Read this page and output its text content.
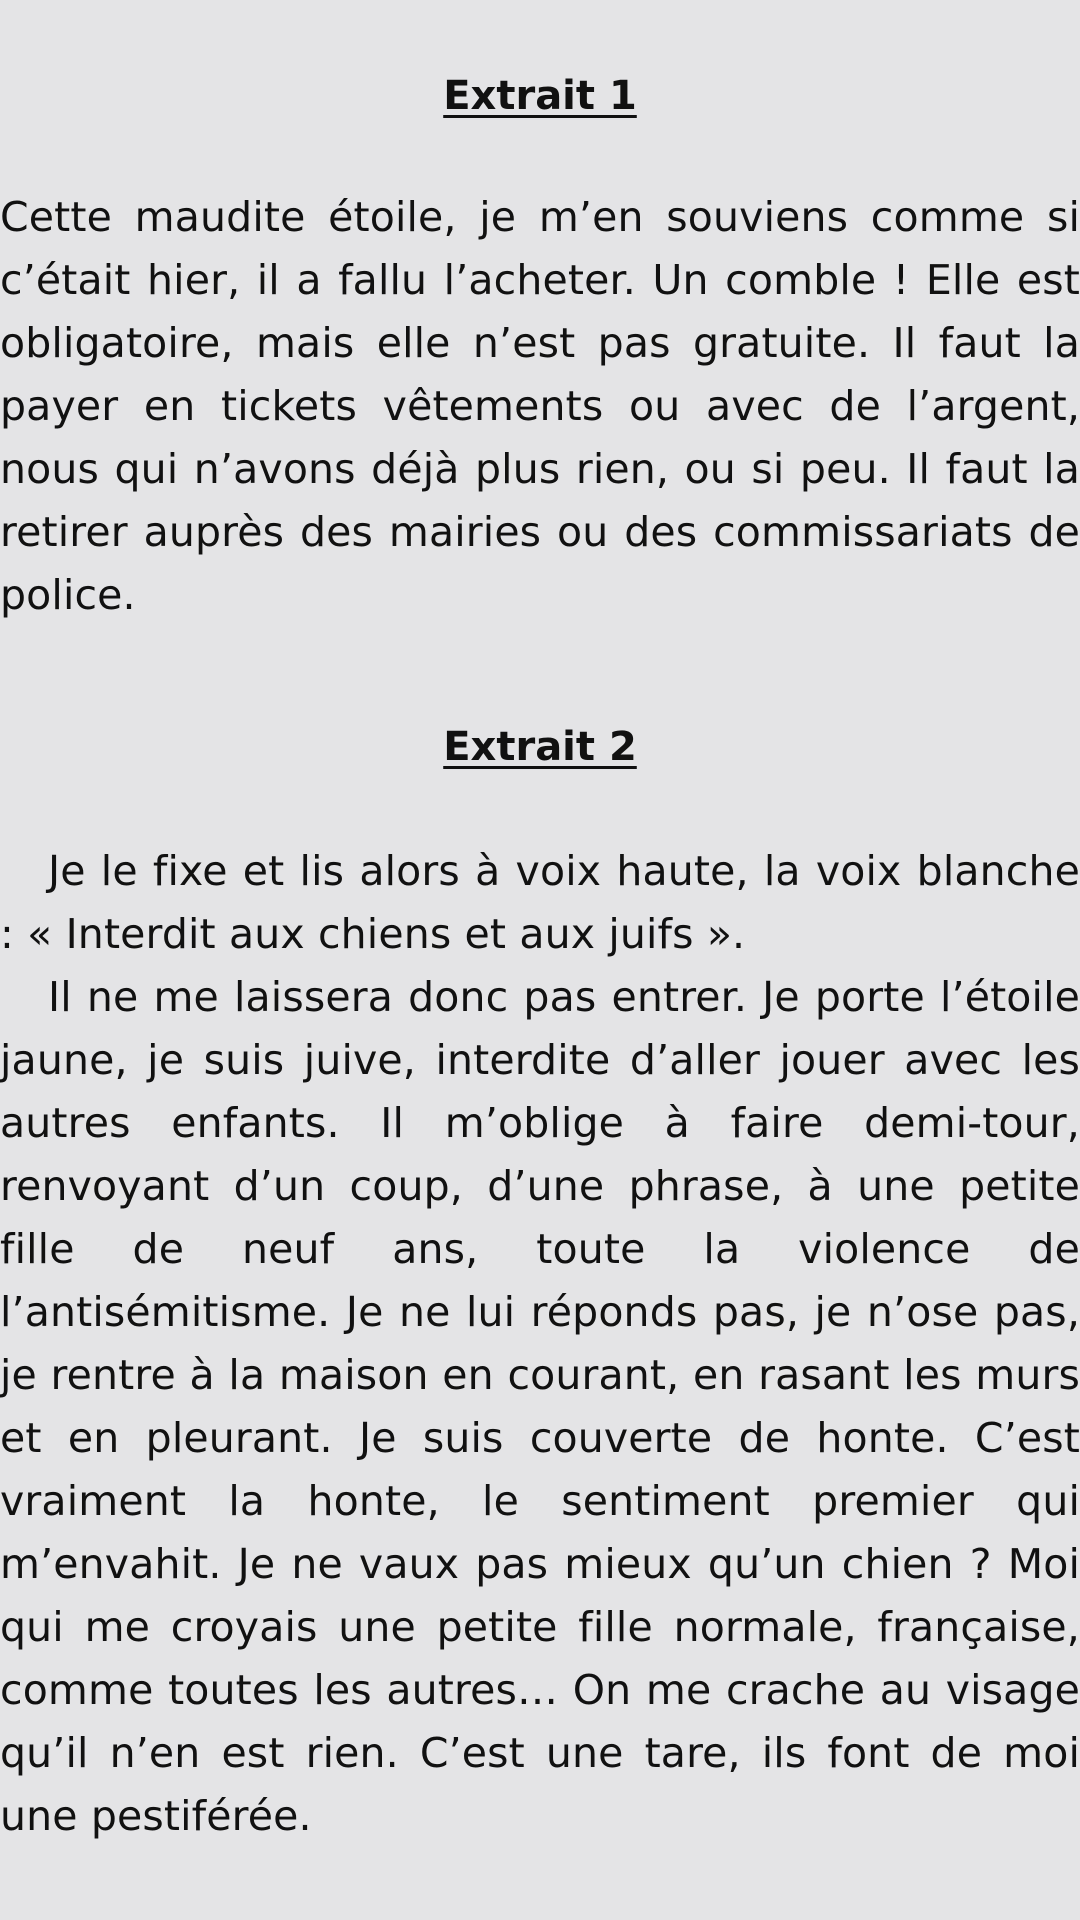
Extrait 1

Cette maudite étoile, je m’en souviens comme si c’était hier, il a fallu l’acheter. Un comble ! Elle est obligatoire, mais elle n’est pas gratuite. Il faut la payer en tickets vêtements ou avec de l’argent, nous qui n’avons déjà plus rien, ou si peu. Il faut la retirer auprès des mairies ou des commissariats de police.

Extrait 2

Je le fixe et lis alors à voix haute, la voix blanche : « Interdit aux chiens et aux juifs ».

Il ne me laissera donc pas entrer. Je porte l’étoile jaune, je suis juive, interdite d’aller jouer avec les autres enfants. Il m’oblige à faire demi-tour, renvoyant d’un coup, d’une phrase, à une petite fille de neuf ans, toute la violence de l’antisémitisme. Je ne lui réponds pas, je n’ose pas, je rentre à la maison en courant, en rasant les murs et en pleurant. Je suis couverte de honte. C’est vraiment la honte, le sentiment premier qui m’envahit. Je ne vaux pas mieux qu’un chien ? Moi qui me croyais une petite fille normale, française, comme toutes les autres… On me crache au visage qu’il n’en est rien. C’est une tare, ils font de moi une pestiférée.
